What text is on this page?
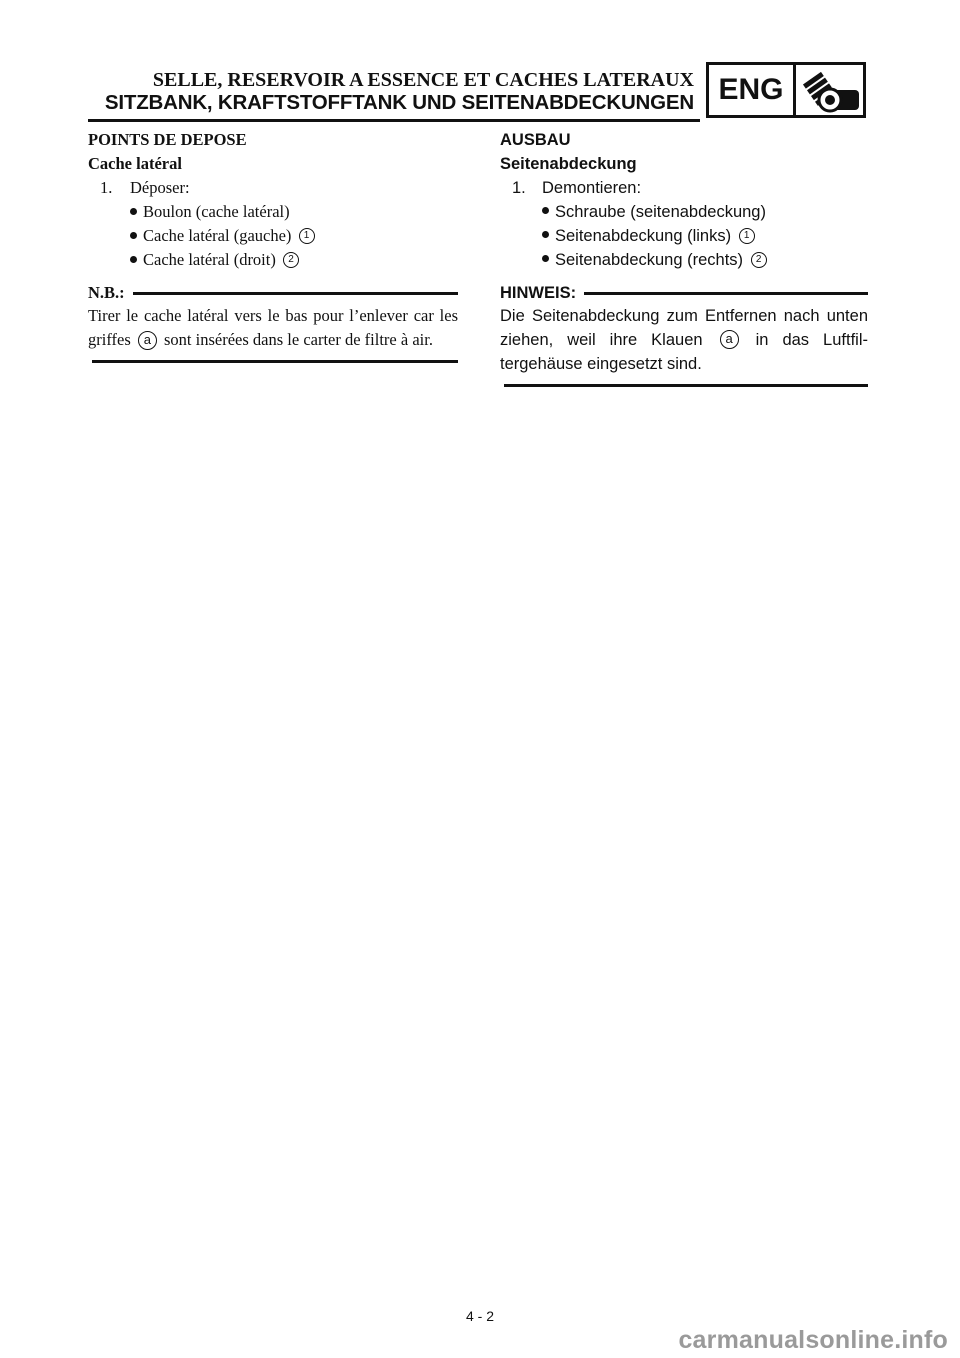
SELLE, RESERVOIR A ESSENCE ET CACHES LATERAUX
SITZBANK, KRAFTSTOFFTANK UND SEITENABDECKUNGEN ENG
POINTS DE DEPOSE
Cache latéral
1. Déposer:
Boulon (cache latéral)
Cache latéral (gauche) 1
Cache latéral (droit) 2
N.B.:
Tirer le cache latéral vers le bas pour l’enlever car les griffes a sont insérées dans le carter de filtre à air.
AUSBAU
Seitenabdeckung
1. Demontieren:
Schraube (seitenabdeckung)
Seitenabdeckung (links) 1
Seitenabdeckung (rechts) 2
HINWEIS:
Die Seitenabdeckung zum Entfernen nach unten ziehen, weil ihre Klauen a in das Luftfil-tergehäuse eingesetzt sind.
4 - 2
carmanualsonline.info
